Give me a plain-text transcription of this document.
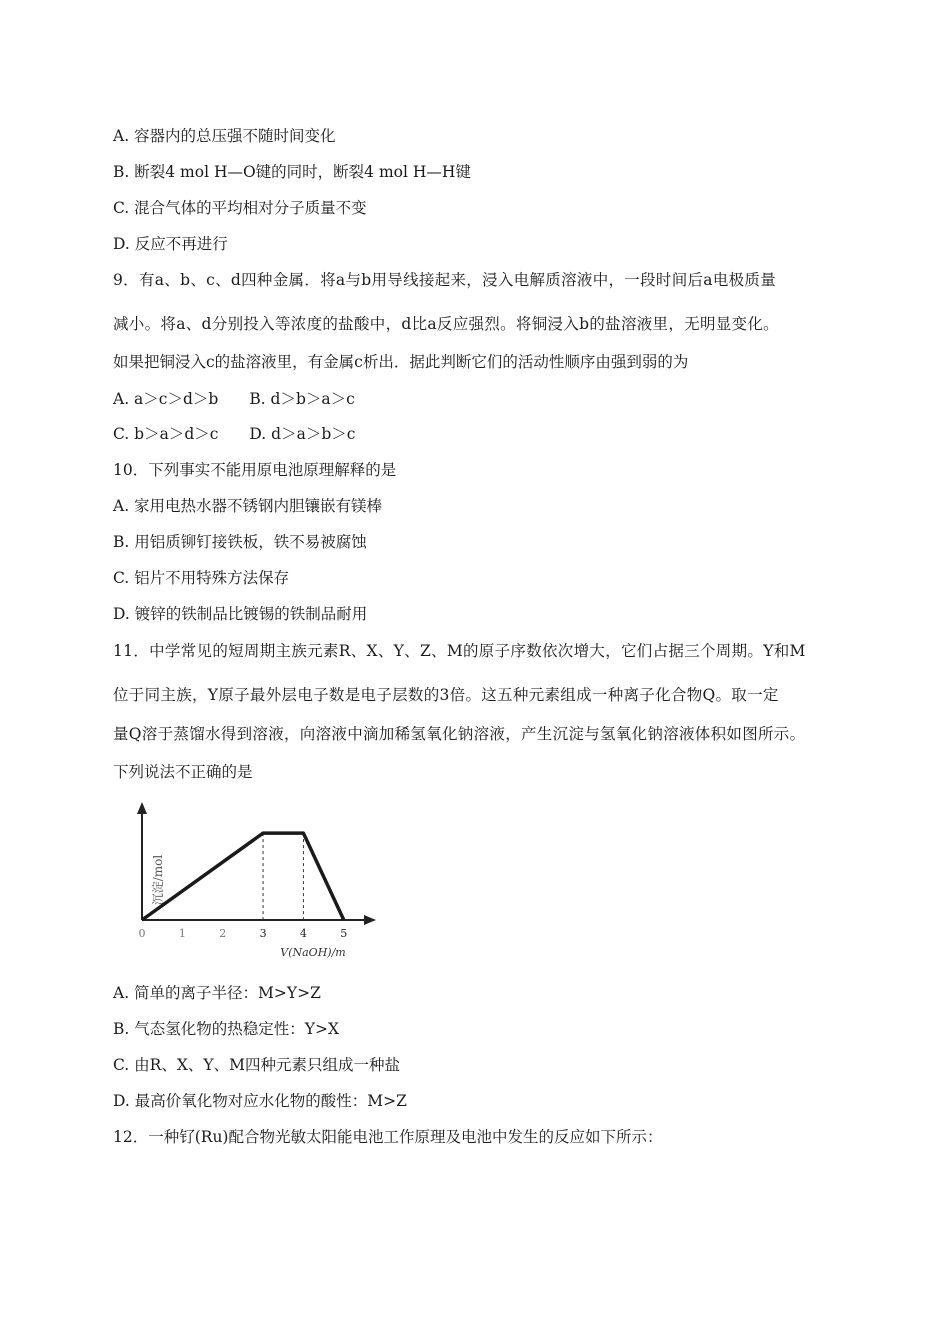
A. 容器内的总压强不随时间变化
B. 断裂4 mol H—O键的同时，断裂4 mol H—H键
C. 混合气体的平均相对分子质量不变
D. 反应不再进行
9．有a、b、c、d四种金属．将a与b用导线接起来，浸入电解质溶液中，一段时间后a电极质量
减小。将a、d分别投入等浓度的盐酸中，d比a反应强烈。将铜浸入b的盐溶液里，无明显变化。
如果把铜浸入c的盐溶液里，有金属c析出．据此判断它们的活动性顺序由强到弱的为
A. a＞c＞d＞b　　B. d＞b＞a＞c
C. b＞a＞d＞c　　D. d＞a＞b＞c
10．下列事实不能用原电池原理解释的是
A. 家用电热水器不锈钢内胆镶嵌有镁棒
B. 用铝质铆钉接铁板，铁不易被腐蚀
C. 铝片不用特殊方法保存
D. 镀锌的铁制品比镀锡的铁制品耐用
11．中学常见的短周期主族元素R、X、Y、Z、M的原子序数依次增大，它们占据三个周期。Y和M
位于同主族，Y原子最外层电子数是电子层数的3倍。这五种元素组成一种离子化合物Q。取一定
量Q溶于蒸馏水得到溶液，向溶液中滴加稀氢氧化钠溶液，产生沉淀与氢氧化钠溶液体积如图所示。
下列说法不正确的是
沉淀/mol
0
V(NaOH)/m
1	2	3	4	5
A. 简单的离子半径：M>Y>Z
B. 气态氢化物的热稳定性：Y>X
C. 由R、X、Y、M四种元素只组成一种盐
D. 最高价氧化物对应水化物的酸性：M>Z
12．一种钌(Ru)配合物光敏太阳能电池工作原理及电池中发生的反应如下所示：
